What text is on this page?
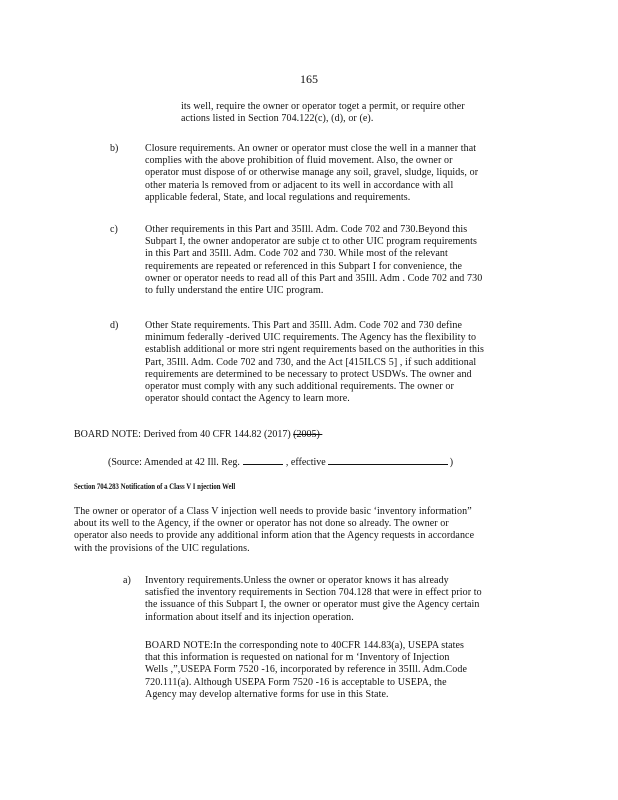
165
its well, require the owner or operator toget a permit, or require other
actions listed in Section 704.122(c), (d), or (e).
b)	Closure requirements. An owner or operator must close the well in a manner that
complies with the above prohibition of fluid movement. Also, the owner or
operator must dispose of or otherwise manage any soil, gravel, sludge, liquids, or
other materia ls removed from or adjacent to its well in accordance with all
applicable federal, State, and local regulations and requirements.
c)	Other requirements in this Part and 35Ill. Adm. Code 702 and 730.Beyond this
Subpart I, the owner andoperator are subje ct to other UIC program requirements
in this Part and 35Ill. Adm. Code 702 and 730. While most of the relevant
requirements are repeated or referenced in this Subpart I for convenience, the
owner or operator needs to read all of this Part and 35Ill. Adm . Code 702 and 730
to fully understand the entire UIC program.
d)	Other State requirements. This Part and 35Ill. Adm. Code 702 and 730 define
minimum federally -derived UIC requirements. The Agency has the flexibility to
establish additional or more stri ngent requirements based on the authorities in this
Part, 35Ill. Adm. Code 702 and 730, and the Act [415ILCS 5] , if such additional
requirements are determined to be necessary to protect USDWs. The owner and
operator must comply with any such additional requirements. The owner or
operator should contact the Agency to learn more.
BOARD NOTE: Derived from 40 CFR 144.82 (2017) (2005)
(Source: Amended at 42 Ill. Reg.	, effective	)
Section 704.283 Notification of a Class V I njection Well
The owner or operator of a Class V injection well needs to provide basic ‘inventory information”
about its well to the Agency, if the owner or operator has not done so already. The owner or
operator also needs to provide any additional inform ation that the Agency requests in accordance
with the provisions of the UIC regulations.
a) Inventory requirements.Unless the owner or operator knows it has already
satisfied the inventory requirements in Section 704.128 that were in effect prior to
the issuance of this Subpart I, the owner or operator must give the Agency certain
information about itself and its injection operation.
BOARD NOTE:In the corresponding note to 40CFR 144.83(a), USEPA states
that this information is requested on national for m ‘Inventory of Injection
Wells ,”,USEPA Form 7520 -16, incorporated by reference in 35Ill. Adm.Code
720.111(a). Although USEPA Form 7520 -16 is acceptable to USEPA, the
Agency may develop alternative forms for use in this State.
